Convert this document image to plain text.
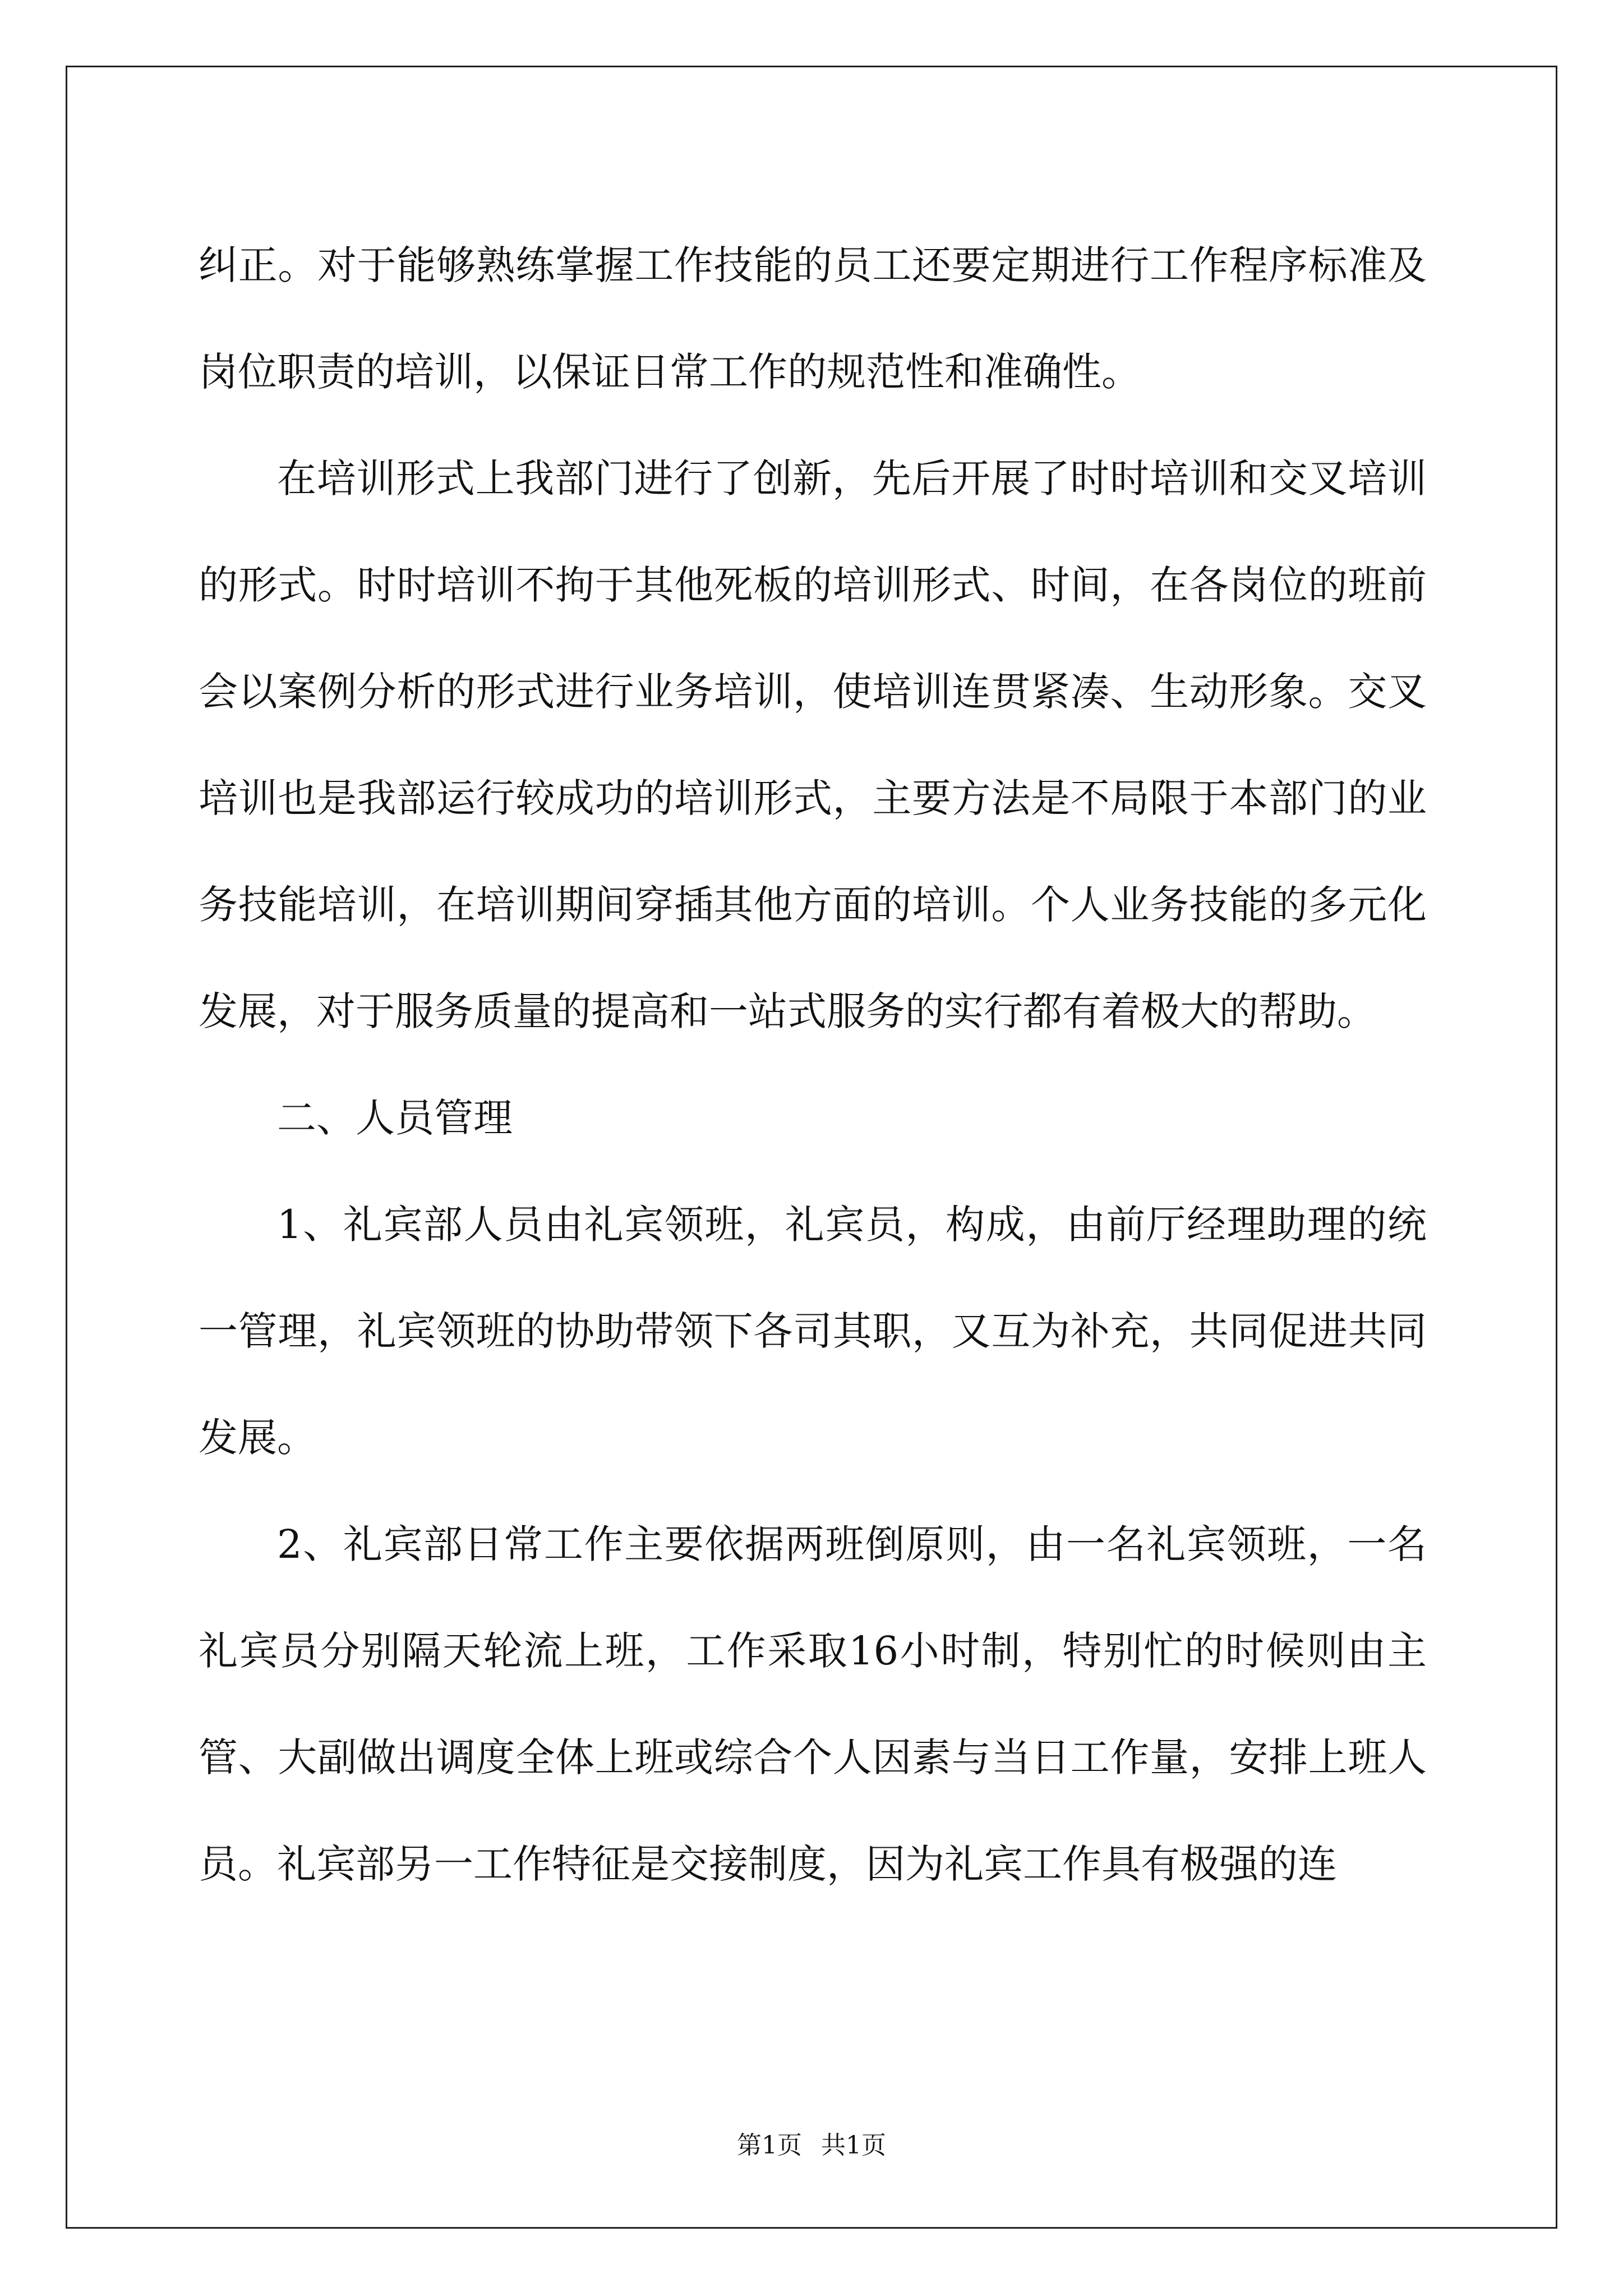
纠正。对于能够熟练掌握工作技能的员工还要定期进行工作程序标准及岗位职责的培训，以保证日常工作的规范性和准确性。

在培训形式上我部门进行了创新，先后开展了时时培训和交叉培训的形式。时时培训不拘于其他死板的培训形式、时间，在各岗位的班前会以案例分析的形式进行业务培训，使培训连贯紧凑、生动形象。交叉培训也是我部运行较成功的培训形式，主要方法是不局限于本部门的业务技能培训，在培训期间穿插其他方面的培训。个人业务技能的多元化发展，对于服务质量的提高和一站式服务的实行都有着极大的帮助。

二、人员管理

1、礼宾部人员由礼宾领班，礼宾员，构成，由前厅经理助理的统一管理，礼宾领班的协助带领下各司其职，又互为补充，共同促进共同发展。

2、礼宾部日常工作主要依据两班倒原则，由一名礼宾领班，一名礼宾员分别隔天轮流上班，工作采取16小时制，特别忙的时候则由主管、大副做出调度全体上班或综合个人因素与当日工作量，安排上班人员。礼宾部另一工作特征是交接制度，因为礼宾工作具有极强的连

第1页 共1页
